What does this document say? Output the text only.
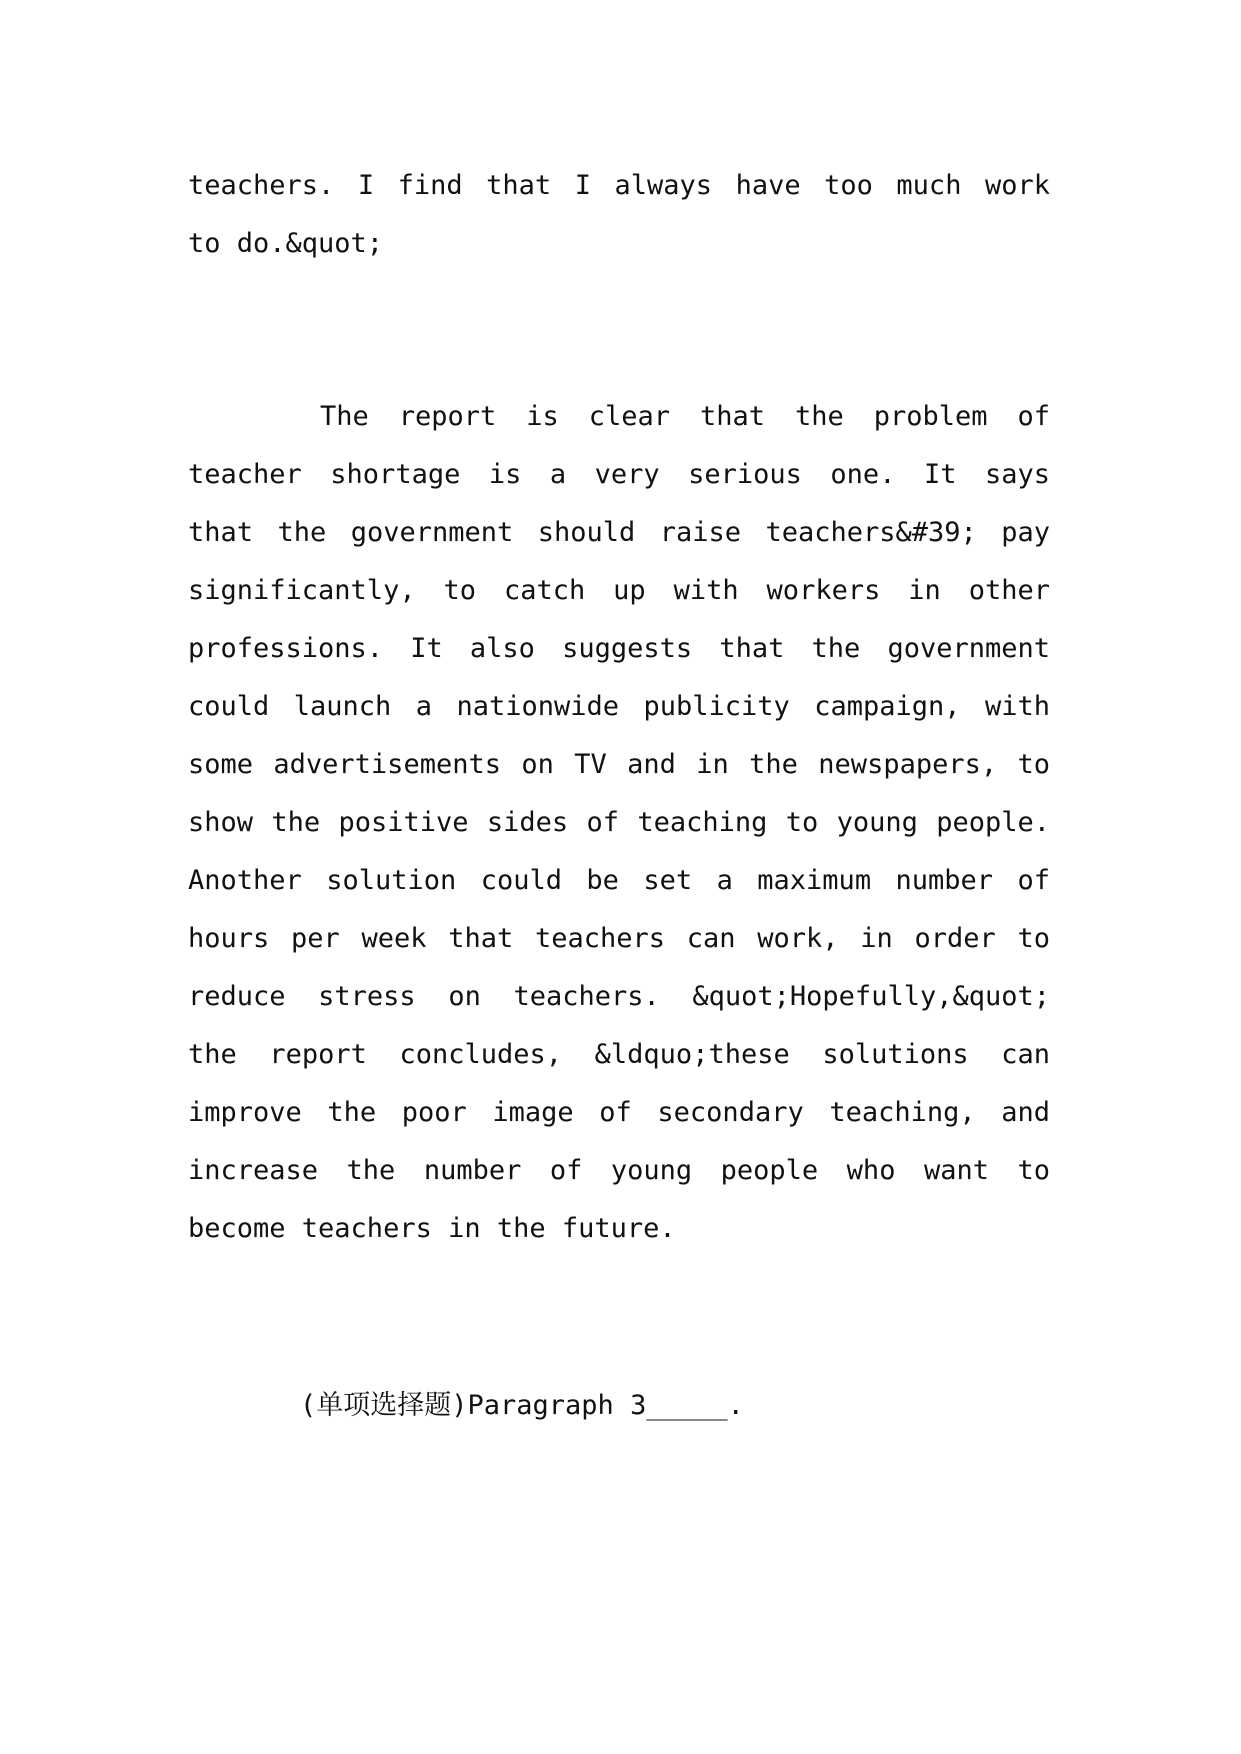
teachers. I find that I always have too much work
to do.&quot;
The report is clear that the problem of
teacher shortage is a very serious one. It says
that the government should raise teachers&#39; pay
significantly, to catch up with workers in other
professions. It also suggests that the government
could launch a nationwide publicity campaign, with
some advertisements on TV and in the newspapers, to
show the positive sides of teaching to young people.
Another solution could be set a maximum number of
hours per week that teachers can work, in order to
reduce stress on teachers. &quot;Hopefully,&quot;
the report concludes, &ldquo;these solutions can
improve the poor image of secondary teaching, and
increase the number of young people who want to
become teachers in the future.
(单项选择题)Paragraph 3_____.
